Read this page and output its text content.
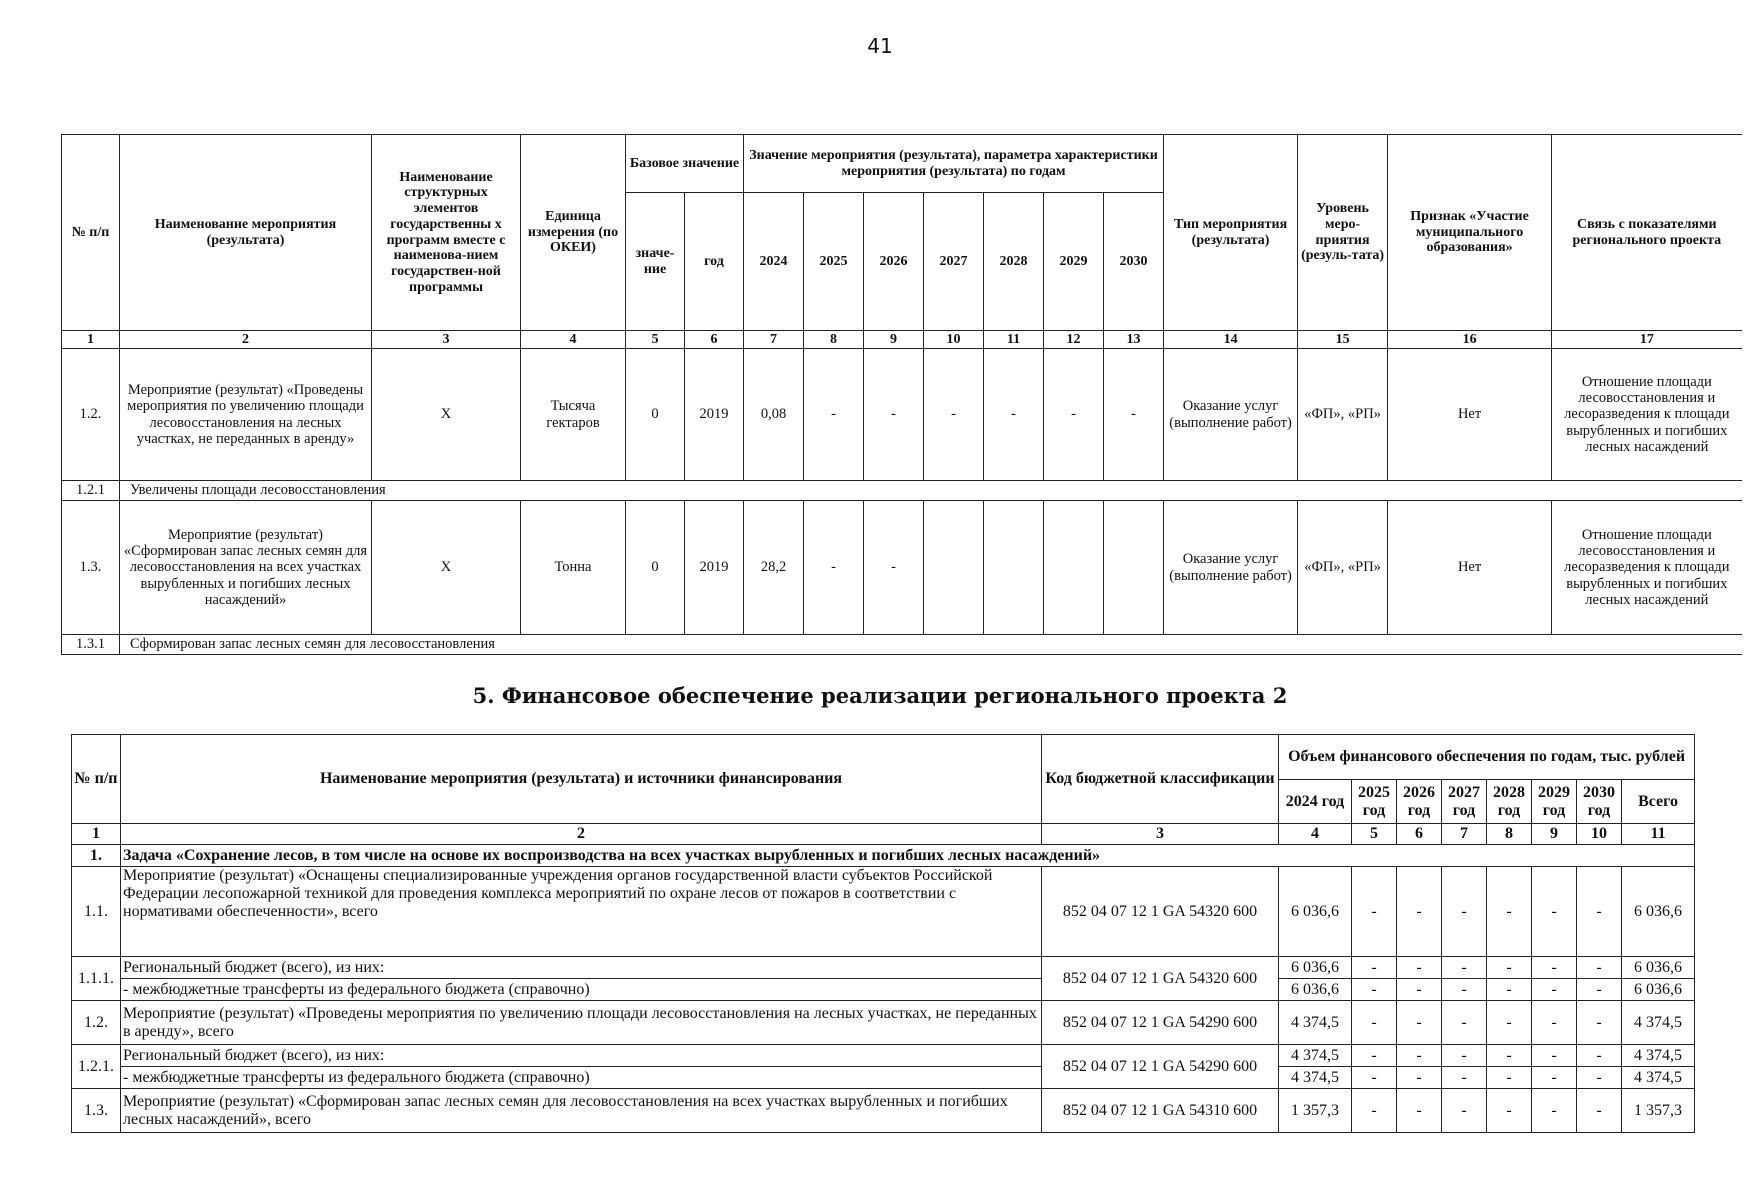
41
№ п/п	Наименование мероприятия (результата)	Наименование структурных элементов государственны х программ вместе с наименова-нием государствен-ной программы	Единица измерения (по ОКЕИ)	Базовое значение		Значение мероприятия (результата), параметра характеристики мероприятия (результата) по годам							Тип мероприятия (результата)	Уровень меро-приятия (резуль-тата)	Признак «Участие муниципального образования»	Связь с показателями регионального проекта
				значе-ние	год	2024	2025	2026	2027	2028	2029	2030				
1	2	3	4	5	6	7	8	9	10	11	12	13	14	15	16	17
1.2.	Мероприятие (результат) «Проведены мероприятия по увеличению площади лесовосстановления на лесных участках, не переданных в аренду»	Х	Тысяча гектаров	0	2019	0,08	-	-	-	-	-	-	Оказание услуг (выполнение работ)	«ФП», «РП»	Нет	Отношение площади лесовосстановления и лесоразведения к площади вырубленных и погибших лесных насаждений
1.2.1	Увеличены площади лесовосстановления															
1.3.	Мероприятие (результат) «Сформирован запас лесных семян для лесовосстановления на всех участках вырубленных и погибших лесных насаждений»	Х	Тонна	0	2019	28,2	-	-					Оказание услуг (выполнение работ)	«ФП», «РП»	Нет	Отношение площади лесовосстановления и лесоразведения к площади вырубленных и погибших лесных насаждений
1.3.1	Сформирован запас лесных семян для лесовосстановления															
5. Финансовое обеспечение реализации регионального проекта 2
№ п/п	Наименование мероприятия (результата) и источники финансирования	Код бюджетной классификации	Объем финансового обеспечения по годам, тыс. рублей							
			2024 год	2025 год	2026 год	2027 год	2028 год	2029 год	2030 год	Всего
1	2	3	4	5	6	7	8	9	10	11
1.	Задача «Сохранение лесов, в том числе на основе их воспроизводства на всех участках вырубленных и погибших лесных насаждений»									
1.1.	Мероприятие (результат) «Оснащены специализированные учреждения органов государственной власти субъектов Российской Федерации лесопожарной техникой для проведения комплекса мероприятий по охране лесов от пожаров в соответствии с нормативами обеспеченности», всего	852 04 07 12 1 GA 54320 600	6 036,6	-	-	-	-	-	-	6 036,6
1.1.1.	Региональный бюджет (всего), из них:	852 04 07 12 1 GA 54320 600	6 036,6	-	-	-	-	-	-	6 036,6
	- межбюджетные трансферты из федерального бюджета (справочно)		6 036,6	-	-	-	-	-	-	6 036,6
1.2.	Мероприятие (результат) «Проведены мероприятия по увеличению площади лесовосстановления на лесных участках, не переданных в аренду», всего	852 04 07 12 1 GA 54290 600	4 374,5	-	-	-	-	-	-	4 374,5
1.2.1.	Региональный бюджет (всего), из них:	852 04 07 12 1 GA 54290 600	4 374,5	-	-	-	-	-	-	4 374,5
	- межбюджетные трансферты из федерального бюджета (справочно)		4 374,5	-	-	-	-	-	-	4 374,5
1.3.	Мероприятие (результат) «Сформирован запас лесных семян для лесовосстановления на всех участках вырубленных и погибших лесных насаждений», всего	852 04 07 12 1 GA 54310 600	1 357,3	-	-	-	-	-	-	1 357,3
